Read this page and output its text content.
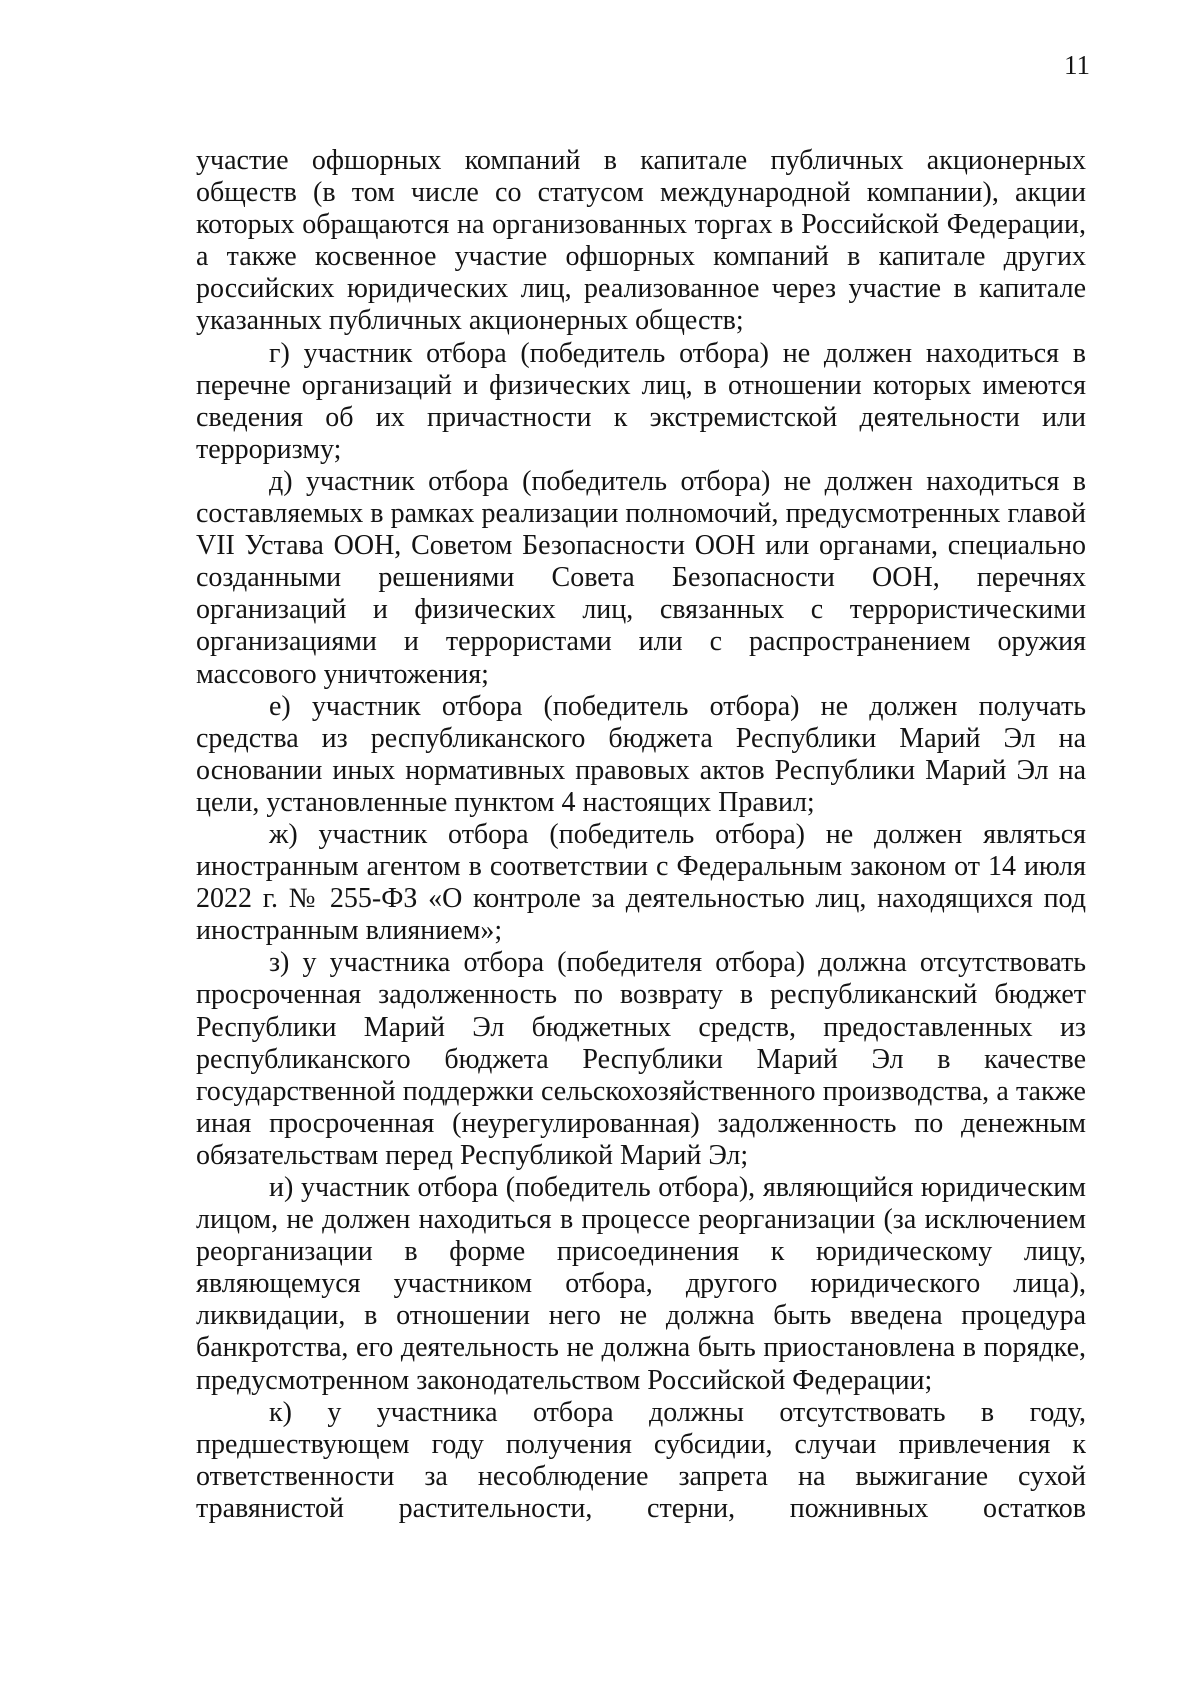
11

участие офшорных компаний в капитале публичных акционерных обществ (в том числе со статусом международной компании), акции которых обращаются на организованных торгах в Российской Федерации, а также косвенное участие офшорных компаний в капитале других российских юридических лиц, реализованное через участие в капитале указанных публичных акционерных обществ;

г) участник отбора (победитель отбора) не должен находиться в перечне организаций и физических лиц, в отношении которых имеются сведения об их причастности к экстремистской деятельности или терроризму;

д) участник отбора (победитель отбора) не должен находиться в составляемых в рамках реализации полномочий, предусмотренных главой VII Устава ООН, Советом Безопасности ООН или органами, специально созданными решениями Совета Безопасности ООН, перечнях организаций и физических лиц, связанных с террористическими организациями и террористами или с распространением оружия массового уничтожения;

е) участник отбора (победитель отбора) не должен получать средства из республиканского бюджета Республики Марий Эл на основании иных нормативных правовых актов Республики Марий Эл на цели, установленные пунктом 4 настоящих Правил;

ж) участник отбора (победитель отбора) не должен являться иностранным агентом в соответствии с Федеральным законом от 14 июля 2022 г. № 255-ФЗ «О контроле за деятельностью лиц, находящихся под иностранным влиянием»;

з) у участника отбора (победителя отбора) должна отсутствовать просроченная задолженность по возврату в республиканский бюджет Республики Марий Эл бюджетных средств, предоставленных из республиканского бюджета Республики Марий Эл в качестве государственной поддержки сельскохозяйственного производства, а также иная просроченная (неурегулированная) задолженность по денежным обязательствам перед Республикой Марий Эл;

и) участник отбора (победитель отбора), являющийся юридическим лицом, не должен находиться в процессе реорганизации (за исключением реорганизации в форме присоединения к юридическому лицу, являющемуся участником отбора, другого юридического лица), ликвидации, в отношении него не должна быть введена процедура банкротства, его деятельность не должна быть приостановлена в порядке, предусмотренном законодательством Российской Федерации;

к) у участника отбора должны отсутствовать в году, предшествующем году получения субсидии, случаи привлечения к ответственности за несоблюдение запрета на выжигание сухой травянистой растительности, стерни, пожнивных остатков
